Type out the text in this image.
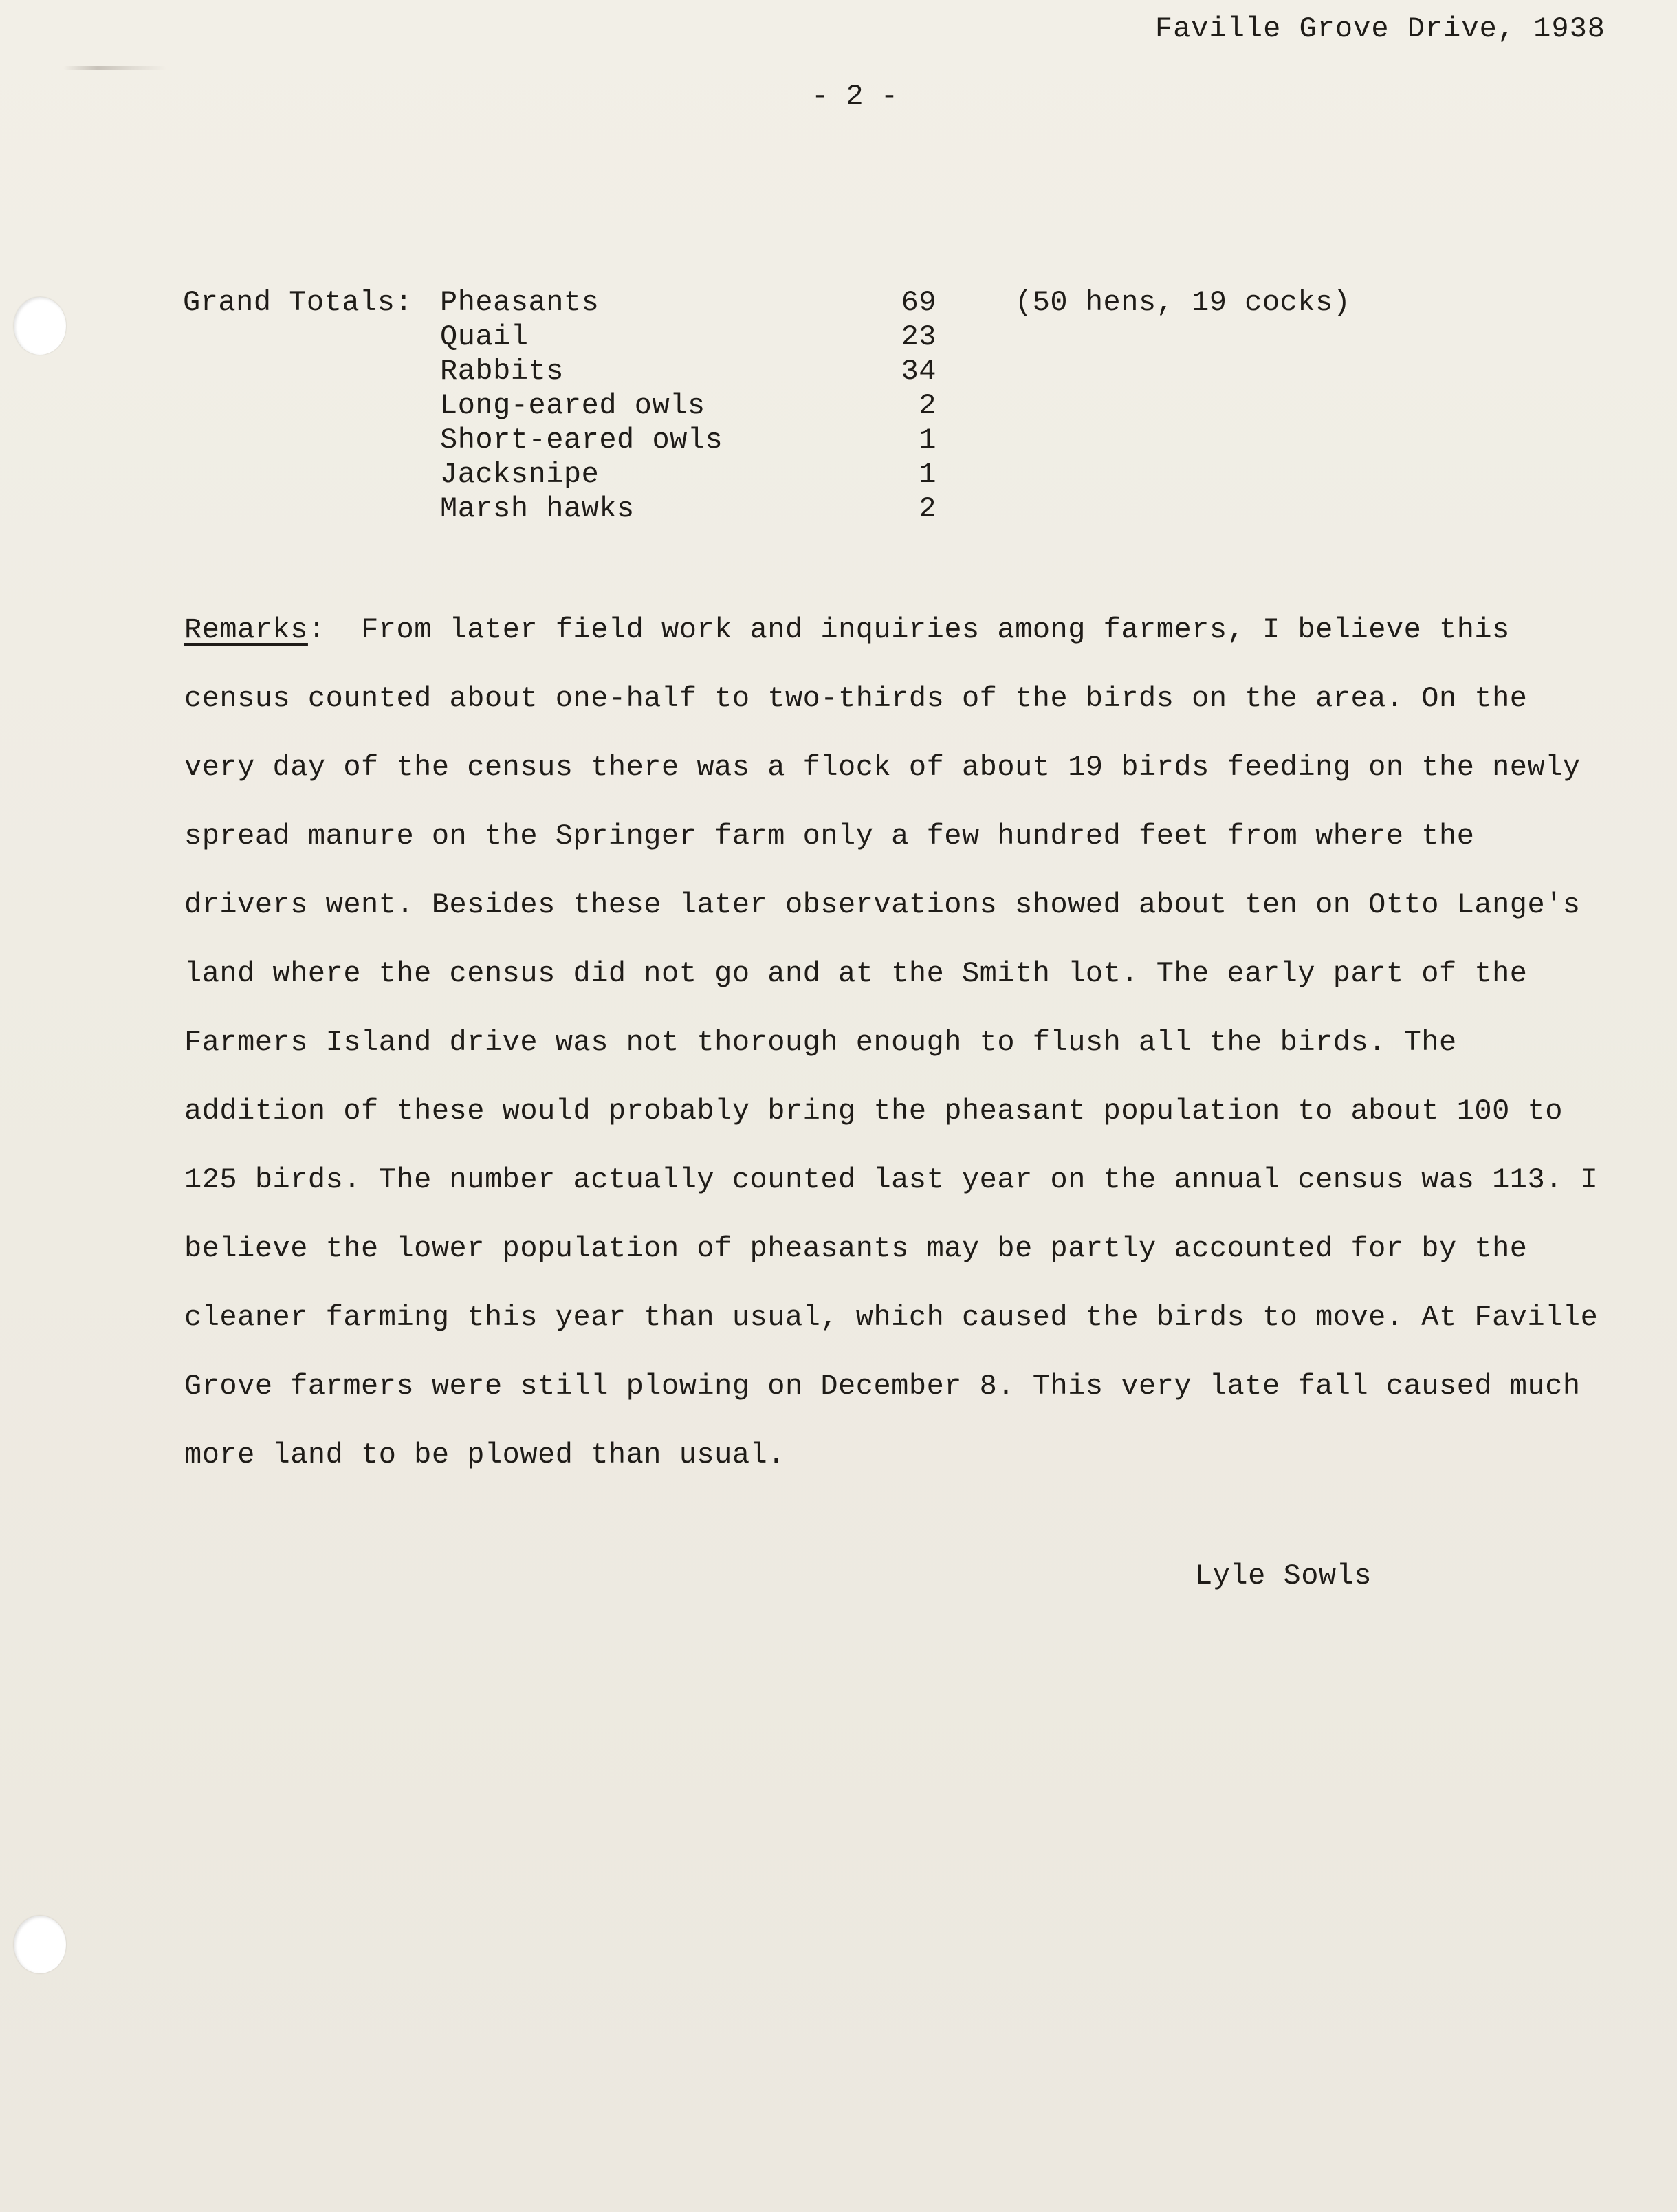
Faville Grove Drive, 1938
- 2 -
Grand Totals: Pheasants	69	(50 hens, 19 cocks)
Quail	23
Rabbits	34
Long-eared owls	2
Short-eared owls	1
Jacksnipe	1
Marsh hawks	2
Remarks: From later field work and inquiries among farmers, I believe this census counted about one-half to two-thirds of the birds on the area. On the very day of the census there was a flock of about 19 birds feeding on the newly spread manure on the Springer farm only a few hundred feet from where the drivers went. Besides these later observations showed about ten on Otto Lange's land where the census did not go and at the Smith lot. The early part of the Farmers Island drive was not thorough enough to flush all the birds. The addition of these would probably bring the pheasant population to about 100 to 125 birds. The number actually counted last year on the annual census was 113. I believe the lower population of pheasants may be partly accounted for by the cleaner farming this year than usual, which caused the birds to move. At Faville Grove farmers were still plowing on December 8. This very late fall caused much more land to be plowed than usual.
Lyle Sowls
